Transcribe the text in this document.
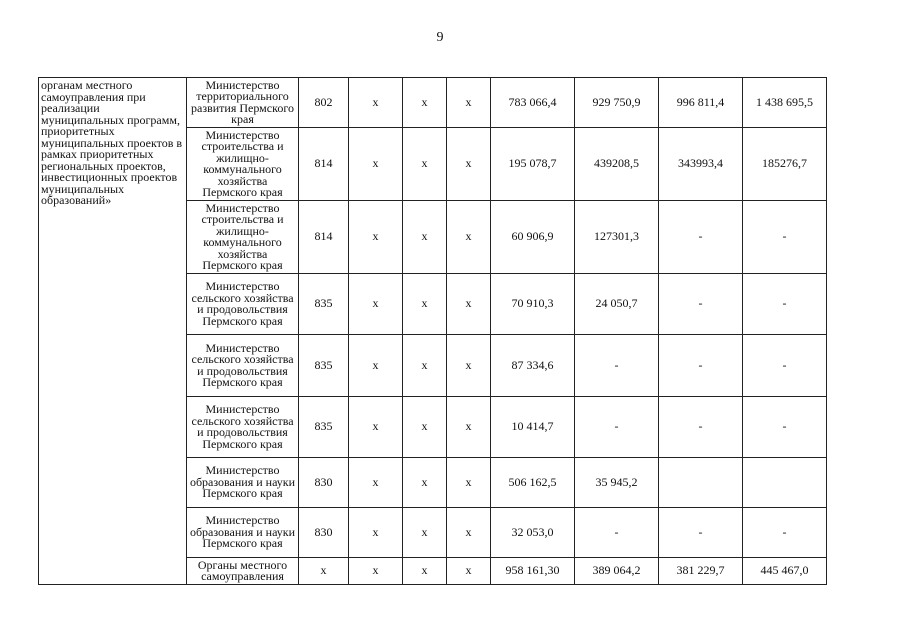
9
органам местного самоуправления при реализации муниципальных программ, приоритетных муниципальных проектов в рамках приоритетных региональных проектов, инвестиционных проектов муниципальных образований»	Министерство территориального развития Пермского края	802	x	x	x	783 066,4	929 750,9	996 811,4	1 438 695,5
	Министерство строительства и жилищно-коммунального хозяйства Пермского края	814	x	x	x	195 078,7	439208,5	343993,4	185276,7
	Министерство строительства и жилищно-коммунального хозяйства Пермского края	814	x	x	x	60 906,9	127301,3	-	-
	Министерство сельского хозяйства и продовольствия Пермского края	835	x	x	x	70 910,3	24 050,7	-	-
	Министерство сельского хозяйства и продовольствия Пермского края	835	x	x	x	87 334,6	-	-	-
	Министерство сельского хозяйства и продовольствия Пермского края	835	x	x	x	10 414,7	-	-	-
	Министерство образования и науки Пермского края	830	x	x	x	506 162,5	35 945,2		
	Министерство образования и науки Пермского края	830	x	x	x	32 053,0	-	-	-
	Органы местного самоуправления	x	x	x	x	958 161,30	389 064,2	381 229,7	445 467,0
